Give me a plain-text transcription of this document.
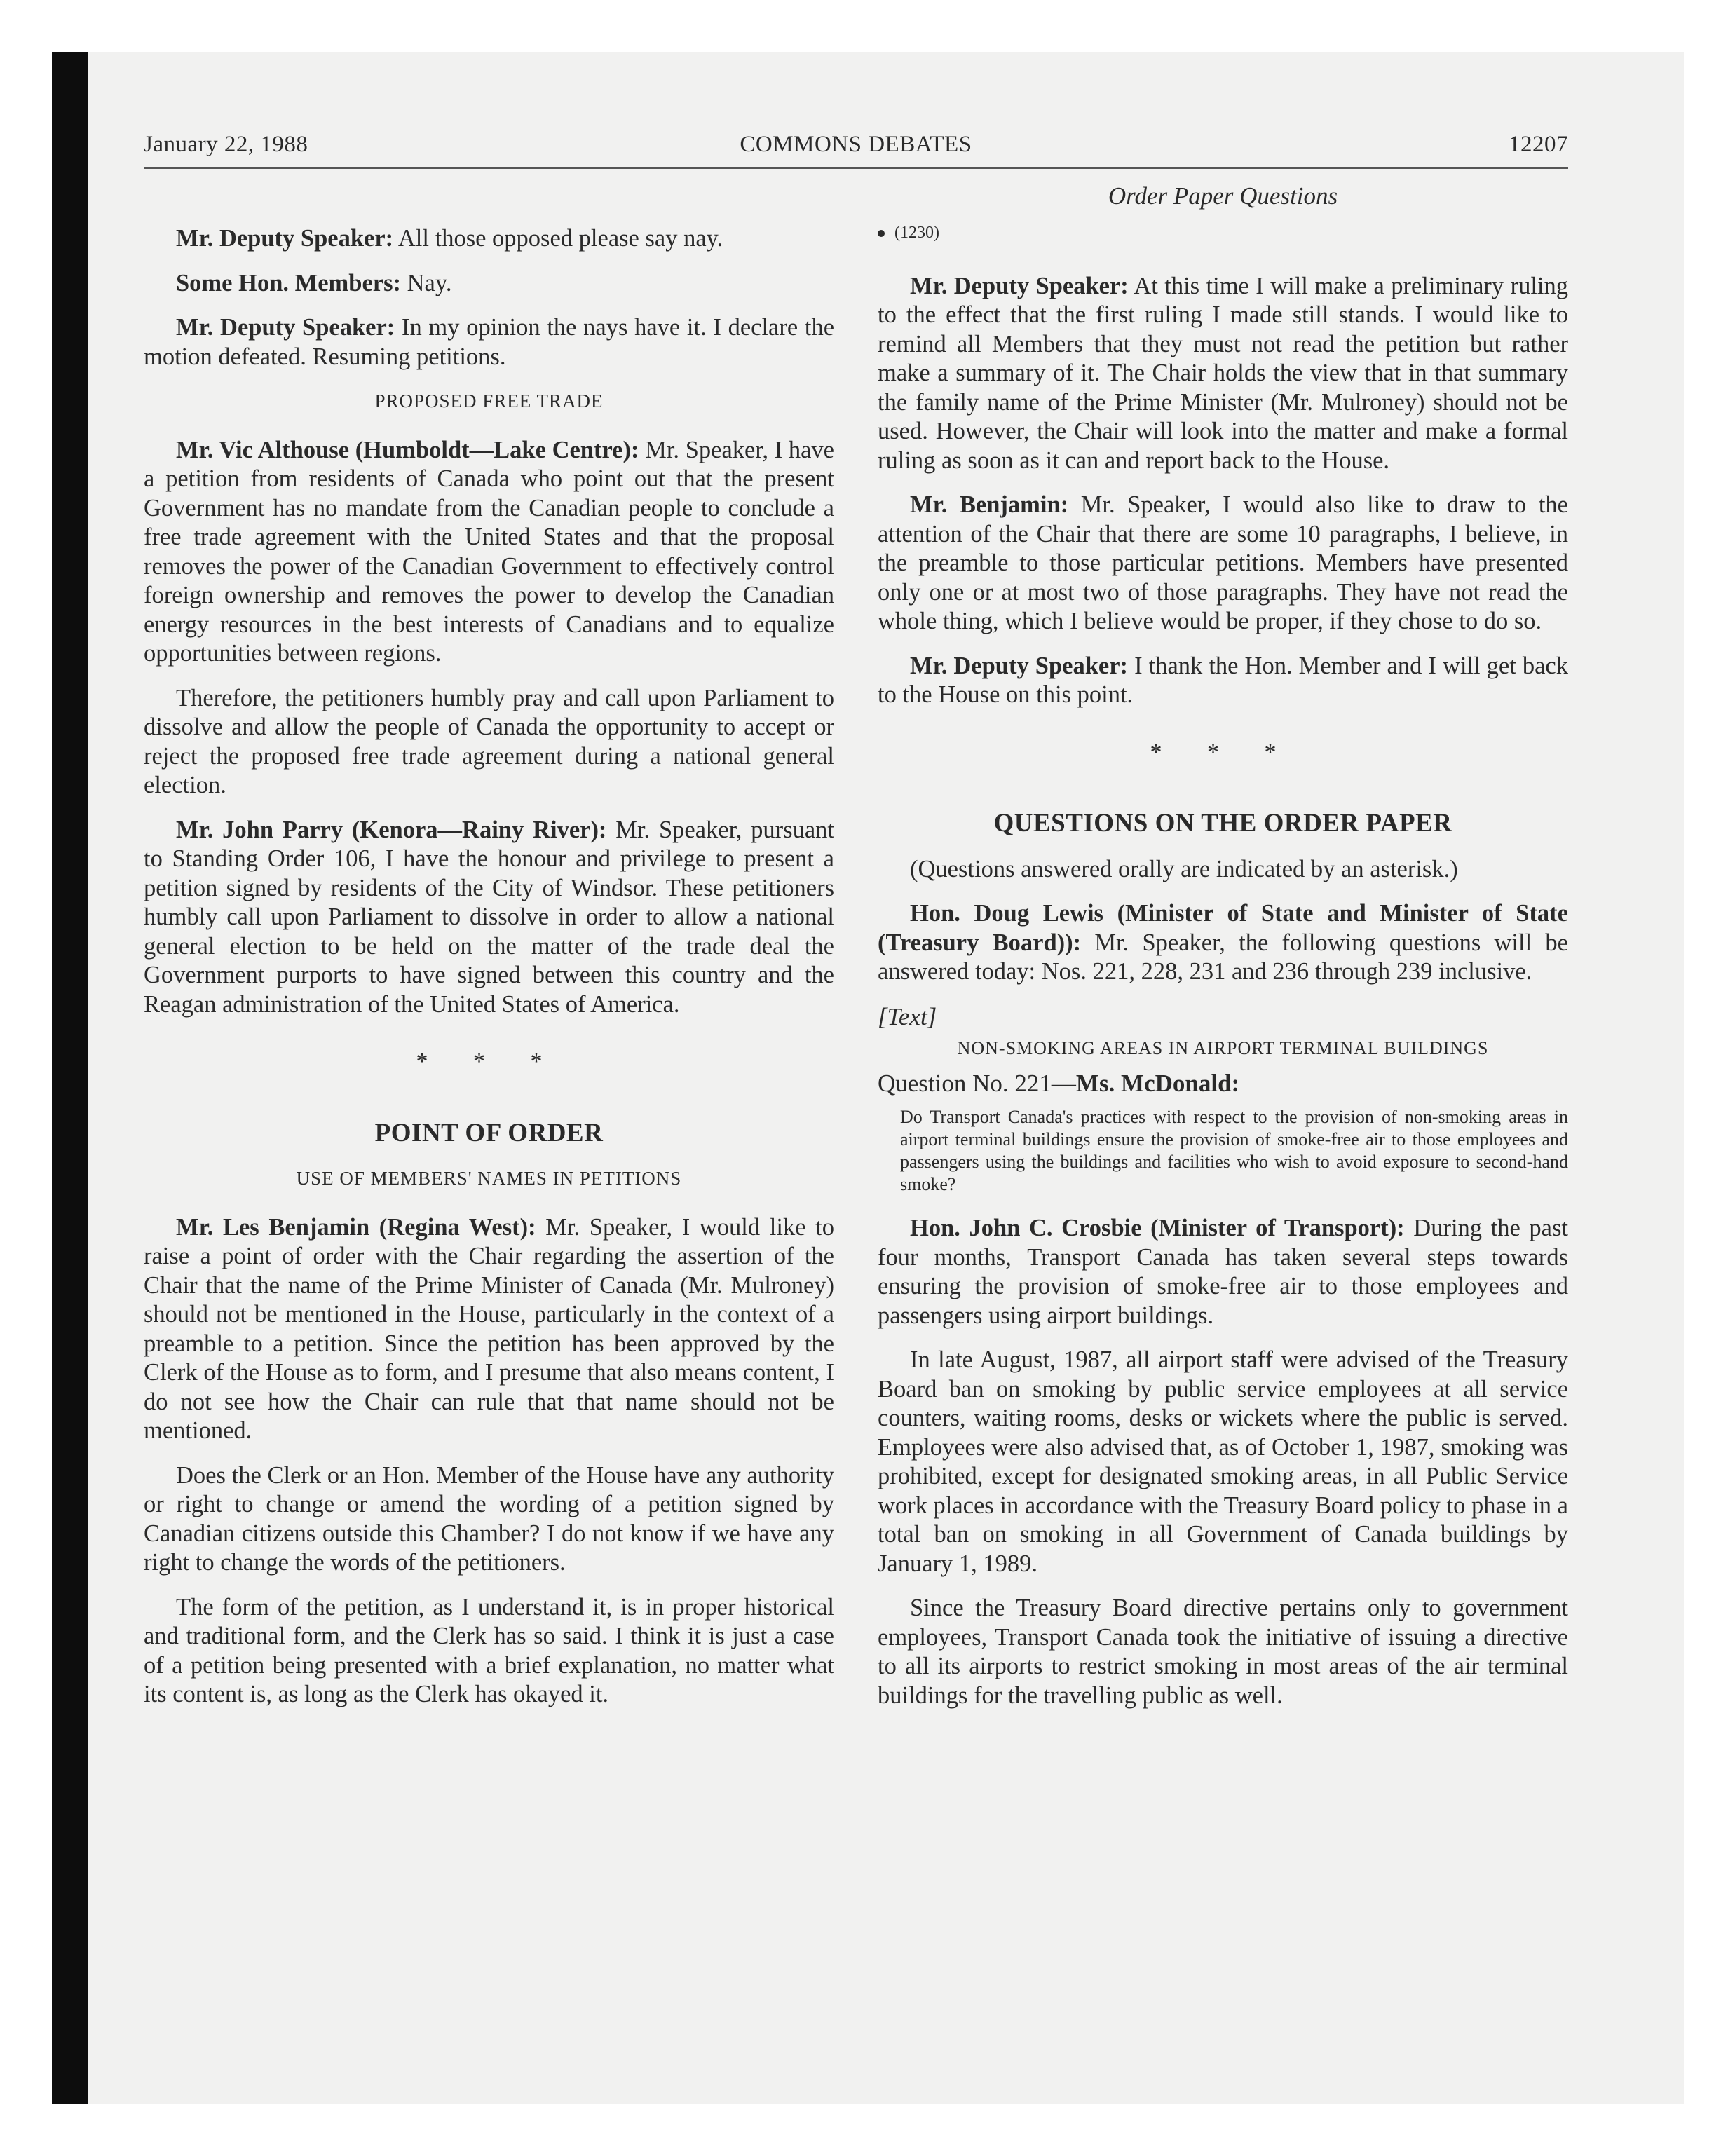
January 22, 1988	COMMONS DEBATES	12207
Order Paper Questions

Mr. Deputy Speaker: All those opposed please say nay.

Some Hon. Members: Nay.

Mr. Deputy Speaker: In my opinion the nays have it. I declare the motion defeated. Resuming petitions.

PROPOSED FREE TRADE

Mr. Vic Althouse (Humboldt—Lake Centre): Mr. Speaker, I have a petition from residents of Canada who point out that the present Government has no mandate from the Canadian people to conclude a free trade agreement with the United States and that the proposal removes the power of the Canadian Government to effectively control foreign ownership and removes the power to develop the Canadian energy resources in the best interests of Canadians and to equalize opportunities between regions.

Therefore, the petitioners humbly pray and call upon Parliament to dissolve and allow the people of Canada the opportunity to accept or reject the proposed free trade agreement during a national general election.

Mr. John Parry (Kenora—Rainy River): Mr. Speaker, pursuant to Standing Order 106, I have the honour and privilege to present a petition signed by residents of the City of Windsor. These petitioners humbly call upon Parliament to dissolve in order to allow a national general election to be held on the matter of the trade deal the Government purports to have signed between this country and the Reagan administration of the United States of America.

* * *
POINT OF ORDER
USE OF MEMBERS' NAMES IN PETITIONS

Mr. Les Benjamin (Regina West): Mr. Speaker, I would like to raise a point of order with the Chair regarding the assertion of the Chair that the name of the Prime Minister of Canada (Mr. Mulroney) should not be mentioned in the House, particularly in the context of a preamble to a petition. Since the petition has been approved by the Clerk of the House as to form, and I presume that also means content, I do not see how the Chair can rule that that name should not be mentioned.

Does the Clerk or an Hon. Member of the House have any authority or right to change or amend the wording of a petition signed by Canadian citizens outside this Chamber? I do not know if we have any right to change the words of the petitioners.

The form of the petition, as I understand it, is in proper historical and traditional form, and the Clerk has so said. I think it is just a case of a petition being presented with a brief explanation, no matter what its content is, as long as the Clerk has okayed it.

(1230)

Mr. Deputy Speaker: At this time I will make a preliminary ruling to the effect that the first ruling I made still stands. I would like to remind all Members that they must not read the petition but rather make a summary of it. The Chair holds the view that in that summary the family name of the Prime Minister (Mr. Mulroney) should not be used. However, the Chair will look into the matter and make a formal ruling as soon as it can and report back to the House.

Mr. Benjamin: Mr. Speaker, I would also like to draw to the attention of the Chair that there are some 10 paragraphs, I believe, in the preamble to those particular petitions. Members have presented only one or at most two of those paragraphs. They have not read the whole thing, which I believe would be proper, if they chose to do so.

Mr. Deputy Speaker: I thank the Hon. Member and I will get back to the House on this point.

* * *
QUESTIONS ON THE ORDER PAPER

(Questions answered orally are indicated by an asterisk.)

Hon. Doug Lewis (Minister of State and Minister of State (Treasury Board)): Mr. Speaker, the following questions will be answered today: Nos. 221, 228, 231 and 236 through 239 inclusive.

[Text]
NON-SMOKING AREAS IN AIRPORT TERMINAL BUILDINGS
Question No. 221—Ms. McDonald:
Do Transport Canada's practices with respect to the provision of non-smoking areas in airport terminal buildings ensure the provision of smoke-free air to those employees and passengers using the buildings and facilities who wish to avoid exposure to second-hand smoke?

Hon. John C. Crosbie (Minister of Transport): During the past four months, Transport Canada has taken several steps towards ensuring the provision of smoke-free air to those employees and passengers using airport buildings.

In late August, 1987, all airport staff were advised of the Treasury Board ban on smoking by public service employees at all service counters, waiting rooms, desks or wickets where the public is served. Employees were also advised that, as of October 1, 1987, smoking was prohibited, except for designated smoking areas, in all Public Service work places in accordance with the Treasury Board policy to phase in a total ban on smoking in all Government of Canada buildings by January 1, 1989.

Since the Treasury Board directive pertains only to government employees, Transport Canada took the initiative of issuing a directive to all its airports to restrict smoking in most areas of the air terminal buildings for the travelling public as well.
